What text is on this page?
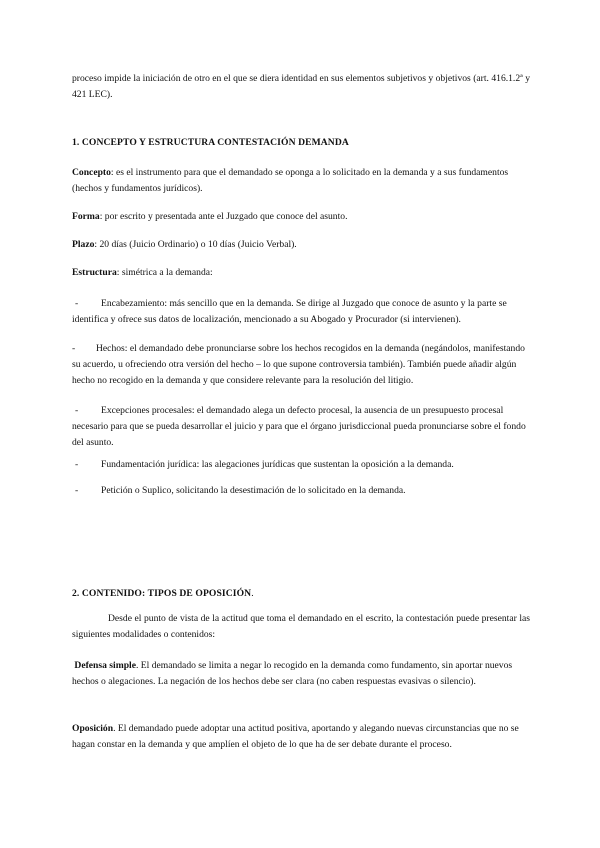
proceso impide la iniciación de otro en el que se diera identidad en sus elementos subjetivos y objetivos (art. 416.1.2ª y 421 LEC).

1. CONCEPTO Y ESTRUCTURA CONTESTACIÓN DEMANDA

Concepto: es el instrumento para que el demandado se oponga a lo solicitado en la demanda y a sus fundamentos (hechos y fundamentos jurídicos).

Forma: por escrito y presentada ante el Juzgado que conoce del asunto.

Plazo: 20 días (Juicio Ordinario) o 10 días (Juicio Verbal).

Estructura: simétrica a la demanda:

- Encabezamiento: más sencillo que en la demanda. Se dirige al Juzgado que conoce de asunto y la parte se identifica y ofrece sus datos de localización, mencionado a su Abogado y Procurador (si intervienen).

- Hechos: el demandado debe pronunciarse sobre los hechos recogidos en la demanda (negándolos, manifestando su acuerdo, u ofreciendo otra versión del hecho – lo que supone controversia también). También puede añadir algún hecho no recogido en la demanda y que considere relevante para la resolución del litigio.

- Excepciones procesales: el demandado alega un defecto procesal, la ausencia de un presupuesto procesal necesario para que se pueda desarrollar el juicio y para que el órgano jurisdiccional pueda pronunciarse sobre el fondo del asunto.

- Fundamentación jurídica: las alegaciones jurídicas que sustentan la oposición a la demanda.

- Petición o Suplico, solicitando la desestimación de lo solicitado en la demanda.

2. CONTENIDO: TIPOS DE OPOSICIÓN.

Desde el punto de vista de la actitud que toma el demandado en el escrito, la contestación puede presentar las siguientes modalidades o contenidos:

Defensa simple. El demandado se limita a negar lo recogido en la demanda como fundamento, sin aportar nuevos hechos o alegaciones. La negación de los hechos debe ser clara (no caben respuestas evasivas o silencio).

Oposición. El demandado puede adoptar una actitud positiva, aportando y alegando nuevas circunstancias que no se hagan constar en la demanda y que amplíen el objeto de lo que ha de ser debate durante el proceso.
